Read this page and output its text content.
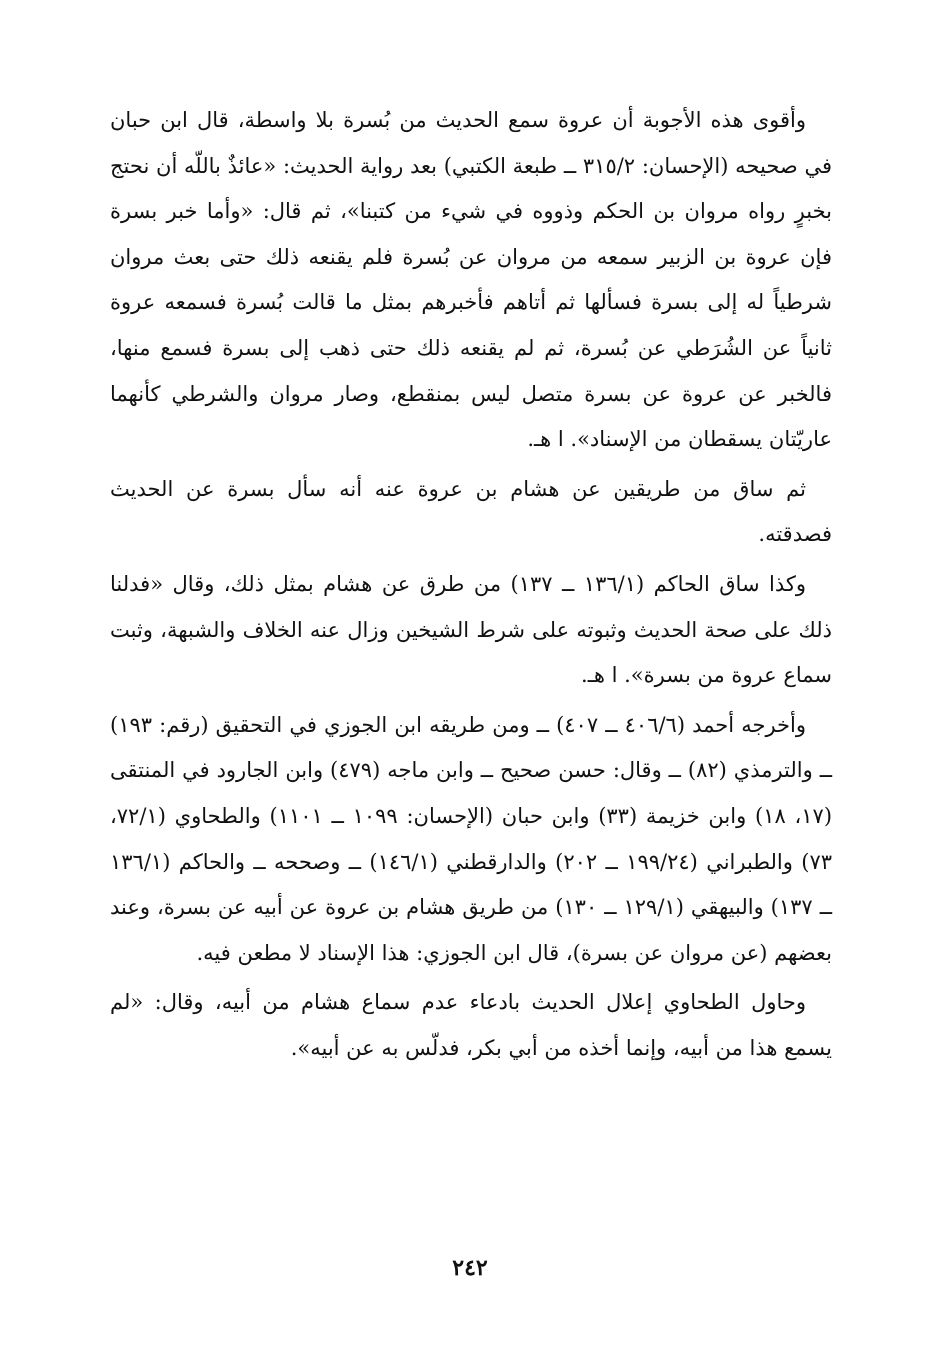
وأقوى هذه الأجوبة أن عروة سمع الحديث من بُسرة بلا واسطة، قال ابن حبان في صحيحه (الإحسان: ٣١٥/٢ ــ طبعة الكتبي) بعد رواية الحديث: «عائذٌ باللّه أن نحتج بخبرٍ رواه مروان بن الحكم وذووه في شيء من كتبنا»، ثم قال: «وأما خبر بسرة فإن عروة بن الزبير سمعه من مروان عن بُسرة فلم يقنعه ذلك حتى بعث مروان شرطياً له إلى بسرة فسألها ثم أتاهم فأخبرهم بمثل ما قالت بُسرة فسمعه عروة ثانياً عن الشُرَطي عن بُسرة، ثم لم يقنعه ذلك حتى ذهب إلى بسرة فسمع منها، فالخبر عن عروة عن بسرة متصل ليس بمنقطع، وصار مروان والشرطي كأنهما عاريّتان يسقطان من الإسناد». ا هـ.

ثم ساق من طريقين عن هشام بن عروة عنه أنه سأل بسرة عن الحديث فصدقته.

وكذا ساق الحاكم (١٣٦/١ ــ ١٣٧) من طرق عن هشام بمثل ذلك، وقال «فدلنا ذلك على صحة الحديث وثبوته على شرط الشيخين وزال عنه الخلاف والشبهة، وثبت سماع عروة من بسرة». ا هـ.

وأخرجه أحمد (٤٠٦/٦ ــ ٤٠٧) ــ ومن طريقه ابن الجوزي في التحقيق (رقم: ١٩٣) ــ والترمذي (٨٢) ــ وقال: حسن صحيح ــ وابن ماجه (٤٧٩) وابن الجارود في المنتقى (١٧، ١٨) وابن خزيمة (٣٣) وابن حبان (الإحسان: ١٠٩٩ ــ ١١٠١) والطحاوي (٧٢/١، ٧٣) والطبراني (١٩٩/٢٤ ــ ٢٠٢) والدارقطني (١٤٦/١) ــ وصححه ــ والحاكم (١٣٦/١ ــ ١٣٧) والبيهقي (١٢٩/١ ــ ١٣٠) من طريق هشام بن عروة عن أبيه عن بسرة، وعند بعضهم (عن مروان عن بسرة)، قال ابن الجوزي: هذا الإسناد لا مطعن فيه.

وحاول الطحاوي إعلال الحديث بادعاء عدم سماع هشام من أبيه، وقال: «لم يسمع هذا من أبيه، وإنما أخذه من أبي بكر، فدلّس به عن أبيه».

٢٤٢
